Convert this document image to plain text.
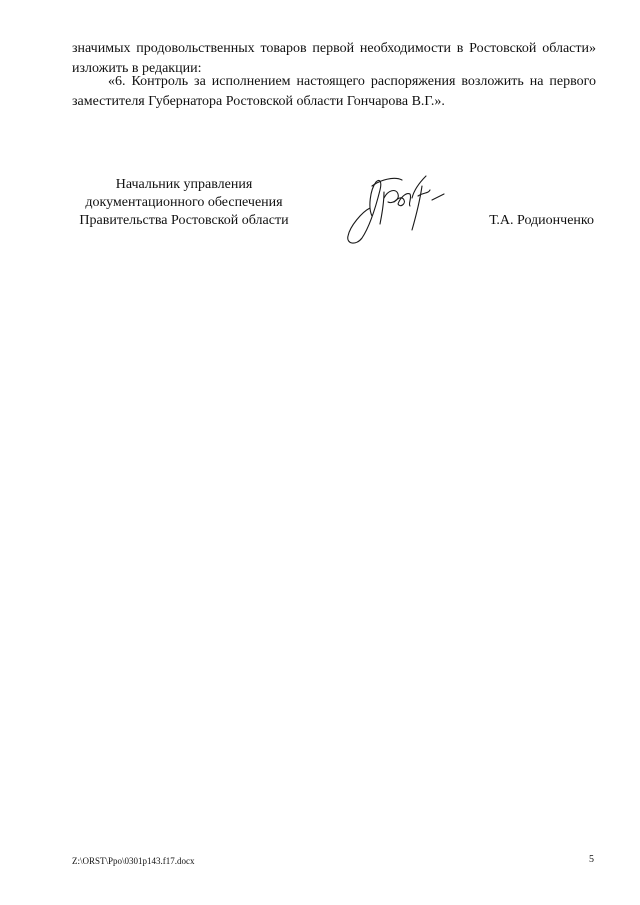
значимых продовольственных товаров первой необходимости в Ростовской области» изложить в редакции:

«6. Контроль за исполнением настоящего распоряжения возложить на первого заместителя Губернатора Ростовской области Гончарова В.Г.».

Начальник управления
документационного обеспечения
Правительства Ростовской области	Т.А. Родионченко
Z:\ORST\Ppo\0301p143.f17.docx	5
